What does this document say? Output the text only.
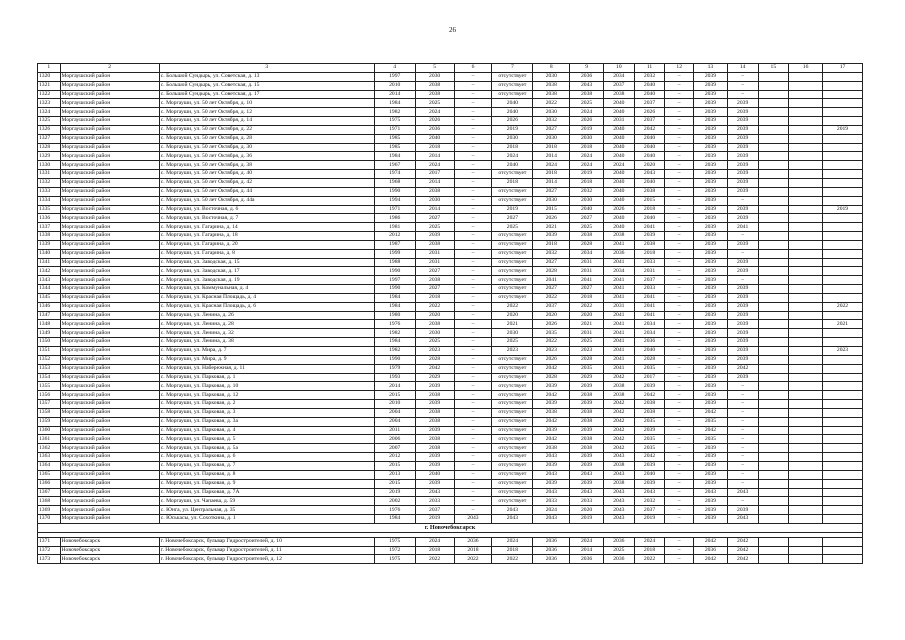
26
1	2	3	4	5	6	7	8	9	10	11	12	13	14	15	16	17
1320	Моргаушский район	с. Большой Сундырь, ул. Советская, д. 13	1997	2030	–	отсутствует	2030	2036	2034	2032	–	2039	–			
1321	Моргаушский район	с. Большой Сундырь, ул. Советская, д. 15	2010	2038	–	отсутствует	2038	2043	2037	2040	–	2039	–			
1322	Моргаушский район	с. Большой Сундырь, ул. Советская, д. 17	2014	2038	–	отсутствует	2038	2038	2038	2040	–	2039	–			
1323	Моргаушский район	с. Моргауши, ул. 50 лет Октября, д. 10	1984	2025	–	2040	2022	2025	2040	2037	–	2039	2039			
1324	Моргаушский район	с. Моргауши, ул. 50 лет Октября, д. 12	1982	2024	–	2040	2030	2024	2040	2026	–	2039	2039			
1325	Моргаушский район	с. Моргауши, ул. 50 лет Октября, д. 14	1975	2026	–	2026	2032	2026	2031	2037	–	2039	2039			
1326	Моргаушский район	с. Моргауши, ул. 50 лет Октября, д. 22	1971	2036	–	2019	2027	2019	2040	2042	–	2039	2039			2019
1327	Моргаушский район	с. Моргауши, ул. 50 лет Октября, д. 28	1985	2040	–	2030	2030	2030	2040	2040	–	2039	2039			
1328	Моргаушский район	с. Моргауши, ул. 50 лет Октября, д. 30	1985	2018	–	2018	2018	2018	2040	2040	–	2039	2039			
1329	Моргаушский район	с. Моргауши, ул. 50 лет Октября, д. 36	1984	2014	–	2024	2014	2024	2040	2040	–	2039	2039			
1330	Моргаушский район	с. Моргауши, ул. 50 лет Октября, д. 38	1967	2024	–	2040	2024	2024	2024	2020	–	2039	2039			
1331	Моргаушский район	с. Моргауши, ул. 50 лет Октября, д. 40	1974	2017	–	отсутствует	2018	2019	2040	2043	–	2039	2039			
1332	Моргаушский район	с. Моргауши, ул. 50 лет Октября, д. 42	1968	2014	–	2018	2014	2018	2040	2040	–	2039	2039			
1333	Моргаушский район	с. Моргауши, ул. 50 лет Октября, д. 44	1990	2038	–	отсутствует	2027	2032	2040	2038	–	2039	2039			
1334	Моргаушский район	с. Моргауши, ул. 50 лет Октября, д. 44а	1994	2030	–	отсутствует	2030	2030	2040	2015	–	2039	–			
1335	Моргаушский район	с. Моргауши, ул. Восточная, д. 6	1971	2014	–	2019	2015	2040	2026	2018	–	2039	2039			2019
1336	Моргаушский район	с. Моргауши, ул. Восточная, д. 7	1986	2027	–	2027	2026	2027	2040	2040	–	2039	2039			
1337	Моргаушский район	с. Моргауши, ул. Гагарина, д. 14	1981	2025	–	2025	2021	2025	2040	2041	–	2039	2041			
1338	Моргаушский район	с. Моргауши, ул. Гагарина, д. 18	2012	2039	–	отсутствует	2039	2038	2038	2039	–	2039	–			
1339	Моргаушский район	с. Моргауши, ул. Гагарина, д. 20	1987	2038	–	отсутствует	2018	2028	2041	2038	–	2039	2039			
1340	Моргаушский район	с. Моргауши, ул. Гагарина, д. 8	1999	2031	–	отсутствует	2032	2034	2036	2018	–	2039	–			
1341	Моргаушский район	с. Моргауши, ул. Заводская, д. 15	1988	2031	–	отсутствует	2027	2031	2041	2033	–	2039	2039			
1342	Моргаушский район	с. Моргауши, ул. Заводская, д. 17	1990	2027	–	отсутствует	2028	2031	2034	2031	–	2039	2039			
1343	Моргаушский район	с. Моргауши, ул. Заводская, д. 19	1997	2038	–	отсутствует	2041	2041	2041	2037	–	2039	–			
1344	Моргаушский район	с. Моргауши, ул. Коммунальная, д. 4	1990	2027	–	отсутствует	2027	2027	2041	2033	–	2039	2039			
1345	Моргаушский район	с. Моргауши, ул. Красная Площадь, д. 4	1984	2018	–	отсутствует	2022	2018	2041	2041	–	2039	2039			
1346	Моргаушский район	с. Моргауши, ул. Красная Площадь, д. 6	1984	2022	–	2022	2037	2022	2031	2041	–	2039	2039			2022
1347	Моргаушский район	с. Моргауши, ул. Ленина, д. 26	1980	2020	–	2020	2020	2020	2041	2041	–	2039	2039			
1348	Моргаушский район	с. Моргауши, ул. Ленина, д. 28	1976	2038	–	2021	2026	2021	2041	2034	–	2039	2039			2021
1349	Моргаушский район	с. Моргауши, ул. Ленина, д. 32	1982	2030	–	2030	2035	2031	2041	2034	–	2039	2039			
1350	Моргаушский район	с. Моргауши, ул. Ленина, д. 38	1984	2025	–	2025	2022	2025	2041	2036	–	2039	2039			
1351	Моргаушский район	с. Моргауши, ул. Мира, д. 7	1982	2023	–	2023	2023	2023	2041	2040	–	2039	2039			2023
1352	Моргаушский район	с. Моргауши, ул. Мира, д. 9	1990	2028	–	отсутствует	2026	2028	2041	2028	–	2039	2039			
1353	Моргаушский район	с. Моргауши, ул. Набережная, д. 11	1979	2042	–	отсутствует	2042	2035	2041	2035	–	2039	2042			
1354	Моргаушский район	с. Моргауши, ул. Парковая, д. 1	1993	2029	–	отсутствует	2028	2029	2042	2017	–	2039	2039			
1355	Моргаушский район	с. Моргауши, ул. Парковая, д. 10	2014	2039	–	отсутствует	2039	2039	2038	2039	–	2039	–			
1356	Моргаушский район	с. Моргауши, ул. Парковая, д. 12	2015	2038	–	отсутствует	2042	2038	2038	2042	–	2039	–			
1357	Моргаушский район	с. Моргауши, ул. Парковая, д. 2	2010	2039	–	отсутствует	2039	2039	2042	2038	–	2039	–			
1358	Моргаушский район	с. Моргауши, ул. Парковая, д. 3	2004	2038	–	отсутствует	2038	2038	2042	2038	–	2042	–			
1359	Моргаушский район	с. Моргауши, ул. Парковая, д. 3а	2004	2038	–	отсутствует	2042	2038	2042	2035	–	2035	–			
1360	Моргаушский район	с. Моргауши, ул. Парковая, д. 4	2011	2039	–	отсутствует	2039	2039	2042	2039	–	2042	–			
1361	Моргаушский район	с. Моргауши, ул. Парковая, д. 5	2006	2038	–	отсутствует	2042	2038	2042	2035	–	2035	–			
1362	Моргаушский район	с. Моргауши, ул. Парковая, д. 5а	2007	2038	–	отсутствует	2038	2038	2042	2035	–	2039	–			
1363	Моргаушский район	с. Моргауши, ул. Парковая, д. 6	2012	2039	–	отсутствует	2043	2039	2043	2042	–	2039	–			
1364	Моргаушский район	с. Моргауши, ул. Парковая, д. 7	2015	2039	–	отсутствует	2039	2039	2038	2039	–	2039	–			
1365	Моргаушский район	с. Моргауши, ул. Парковая, д. 8	2013	2040	–	отсутствует	2043	2043	2043	2040	–	2039	–			
1366	Моргаушский район	с. Моргауши, ул. Парковая, д. 9	2015	2039	–	отсутствует	2039	2039	2038	2039	–	2039	–			
1367	Моргаушский район	с. Моргауши, ул. Парковая, д. 7А	2019	2043	–	отсутствует	2043	2043	2043	2043	–	2043	2043			
1368	Моргаушский район	с. Моргауши, ул. Чапаева, д. 59	2002	2033	–	отсутствует	2033	2033	2043	2032	–	2039	–			
1369	Моргаушский район	с. Юнга, ул. Центральная, д. 35	1976	2037	–	2043	2024	2020	2043	2037	–	2039	2039			
1370	Моргаушский район	с. Юськасы, ул. Сохоткина, д. 1	1984	2019	2043	2043	2043	2019	2043	2019	–	2039	2043			
г. Новочебоксарск																

1371	Новочебоксарск	г. Новочебоксарск, бульвар Гидростроителей, д. 10	1975	2024	2036	2024	2036	2024	2036	2024	–	2042	2042			
1372	Новочебоксарск	г. Новочебоксарск, бульвар Гидростроителей, д. 11	1972	2018	2018	2018	2036	2014	2025	2018	–	2036	2042			
1373	Новочебоксарск	г. Новочебоксарск, бульвар Гидростроителей, д. 12	1975	2022	2022	2022	2036	2036	2036	2022	–	2042	2042			
